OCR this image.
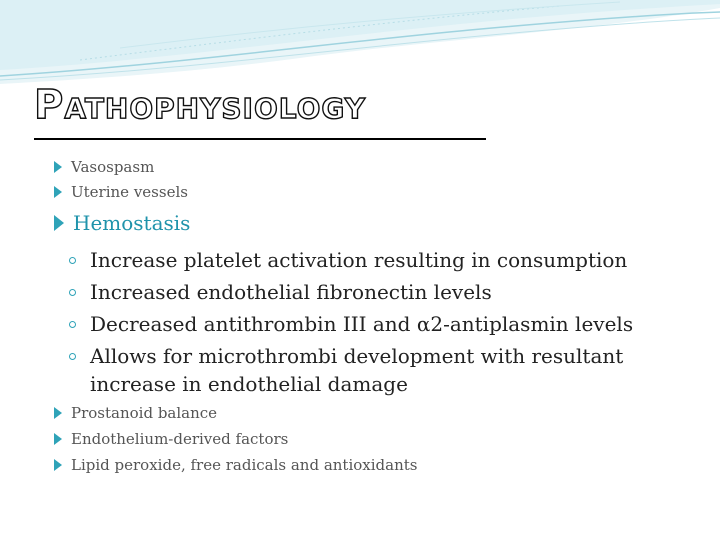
Pathophysiology
Vasospasm
Uterine vessels
Hemostasis
Increase platelet activation resulting in consumption
Increased endothelial fibronectin levels
Decreased antithrombin III and α2-antiplasmin levels
Allows for microthrombi development with resultant
increase in endothelial damage
Prostanoid balance
Endothelium-derived factors
Lipid peroxide, free radicals and antioxidants
